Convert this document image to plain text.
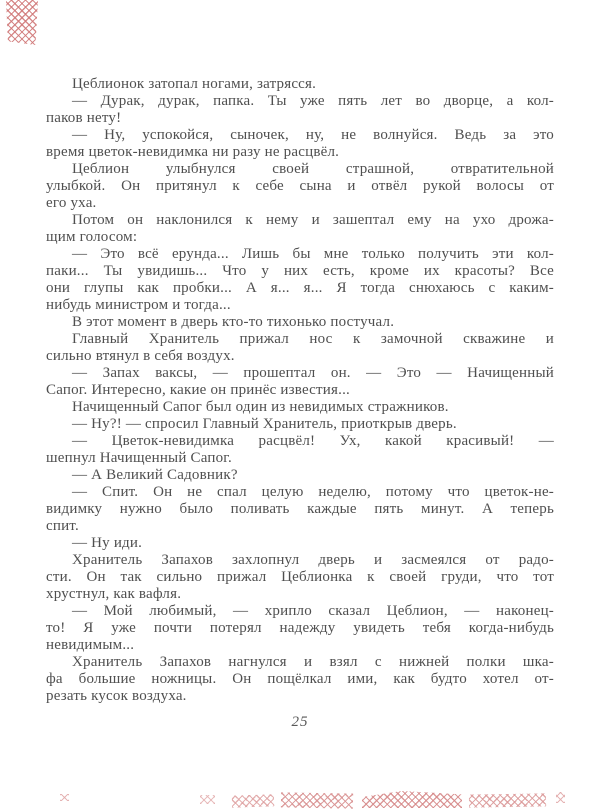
Цеблионок затопал ногами, затрясся.
— Дурак, дурак, папка. Ты уже пять лет во дворце, а кол-
паков нету!
— Ну, успокойся, сыночек, ну, не волнуйся. Ведь за это
время цветок-невидимка ни разу не расцвёл.
Цеблион улыбнулся своей страшной, отвратительной
улыбкой. Он притянул к себе сына и отвёл рукой волосы от
его уха.
Потом он наклонился к нему и зашептал ему на ухо дрожа-
щим голосом:
— Это всё ерунда... Лишь бы мне только получить эти кол-
паки... Ты увидишь... Что у них есть, кроме их красоты? Все
они глупы как пробки... А я... я... Я тогда снюхаюсь с каким-
нибудь министром и тогда...
В этот момент в дверь кто-то тихонько постучал.
Главный Хранитель прижал нос к замочной скважине и
сильно втянул в себя воздух.
— Запах ваксы, — прошептал он. — Это — Начищенный
Сапог. Интересно, какие он принёс известия...
Начищенный Сапог был один из невидимых стражников.
— Ну?! — спросил Главный Хранитель, приоткрыв дверь.
— Цветок-невидимка расцвёл! Ух, какой красивый! —
шепнул Начищенный Сапог.
— А Великий Садовник?
— Спит. Он не спал целую неделю, потому что цветок-не-
видимку нужно было поливать каждые пять минут. А теперь
спит.
— Ну иди.
Хранитель Запахов захлопнул дверь и засмеялся от радо-
сти. Он так сильно прижал Цеблионка к своей груди, что тот
хрустнул, как вафля.
— Мой любимый, — хрипло сказал Цеблион, — наконец-
то! Я уже почти потерял надежду увидеть тебя когда-нибудь
невидимым...
Хранитель Запахов нагнулся и взял с нижней полки шка-
фа большие ножницы. Он пощёлкал ими, как будто хотел от-
резать кусок воздуха.
25
